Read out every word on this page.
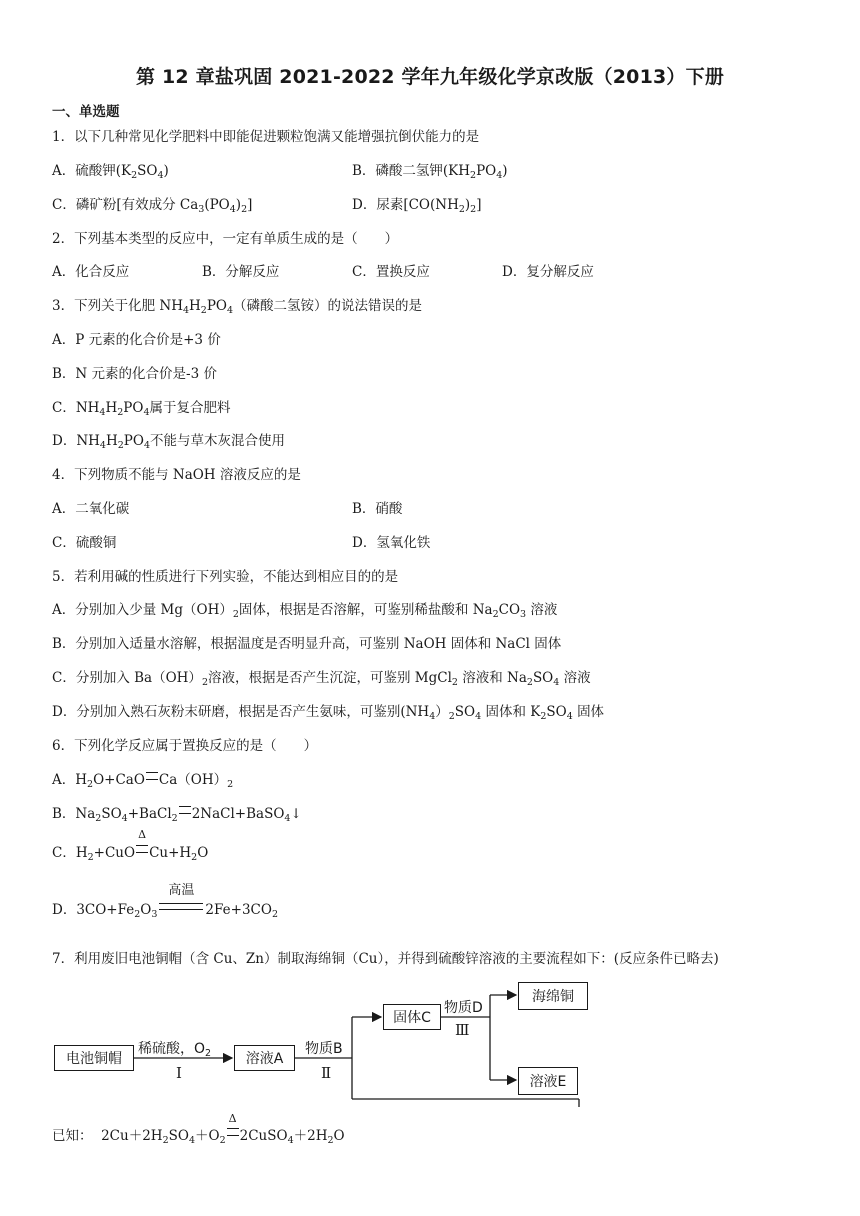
第 12 章盐巩固 2021-2022 学年九年级化学京改版（2013）下册
一、单选题
1．以下几种常见化学肥料中即能促进颗粒饱满又能增强抗倒伏能力的是
A．硫酸钾$(K_2SO_4)$	B．磷酸二氢钾$(KH_2PO_4)$
C．磷矿粉[有效成分 $Ca_3(PO_4)_2$]	D．尿素$[CO(NH_2)_2]$
2．下列基本类型的反应中，一定有单质生成的是（　　）
A．化合反应	B．分解反应	C．置换反应	D．复分解反应
3．下列关于化肥 $NH_4H_2PO_4$（磷酸二氢铵）的说法错误的是
A．P 元素的化合价是+3 价
B．N 元素的化合价是-3 价
C．$NH_4H_2PO_4$属于复合肥料
D．$NH_4H_2PO_4$不能与草木灰混合使用
4．下列物质不能与 NaOH 溶液反应的是
A．二氧化碳	B．硝酸
C．硫酸铜	D．氢氧化铁
5．若利用碱的性质进行下列实验，不能达到相应目的的是
A．分别加入少量 $Mg(OH)_2$固体，根据是否溶解，可鉴别稀盐酸和 $Na_2CO_3$ 溶液
B．分别加入适量水溶解，根据温度是否明显升高，可鉴别 NaOH 固体和 NaCl 固体
C．分别加入 $Ba(OH)_2$溶液，根据是否产生沉淀，可鉴别 MgCl$_2$ 溶液和 $Na_2SO_4$ 溶液
D．分别加入熟石灰粉末研磨，根据是否产生氨味，可鉴别$(NH_4)_2SO_4$ 固体和 $K_2SO_4$ 固体
6．下列化学反应属于置换反应的是（　　）
A．$H_2O+CaO$ $Ca(OH)_2$
B．$Na_2SO_4+BaCl_2$ 2NaCl+BaSO$_4$↓
C．$H_2+CuO$
Δ
$Cu+H_2O$
D．$3CO+Fe_2O_3$
高温
$2Fe+3CO_2$
7．利用废旧电池铜帽（含 Cu、Zn）制取海绵铜（Cu），并得到硫酸锌溶液的主要流程如下：(反应条件已略去)
电池铜帽
稀硫酸，$O_2$
Ⅰ
溶液A
物质B
Ⅱ
固体C
物质D
Ⅲ
海绵铜
溶液E
已知： $2Cu+2H_2SO_4+O_2$
Δ
$2CuSO_4+2H_2O$
